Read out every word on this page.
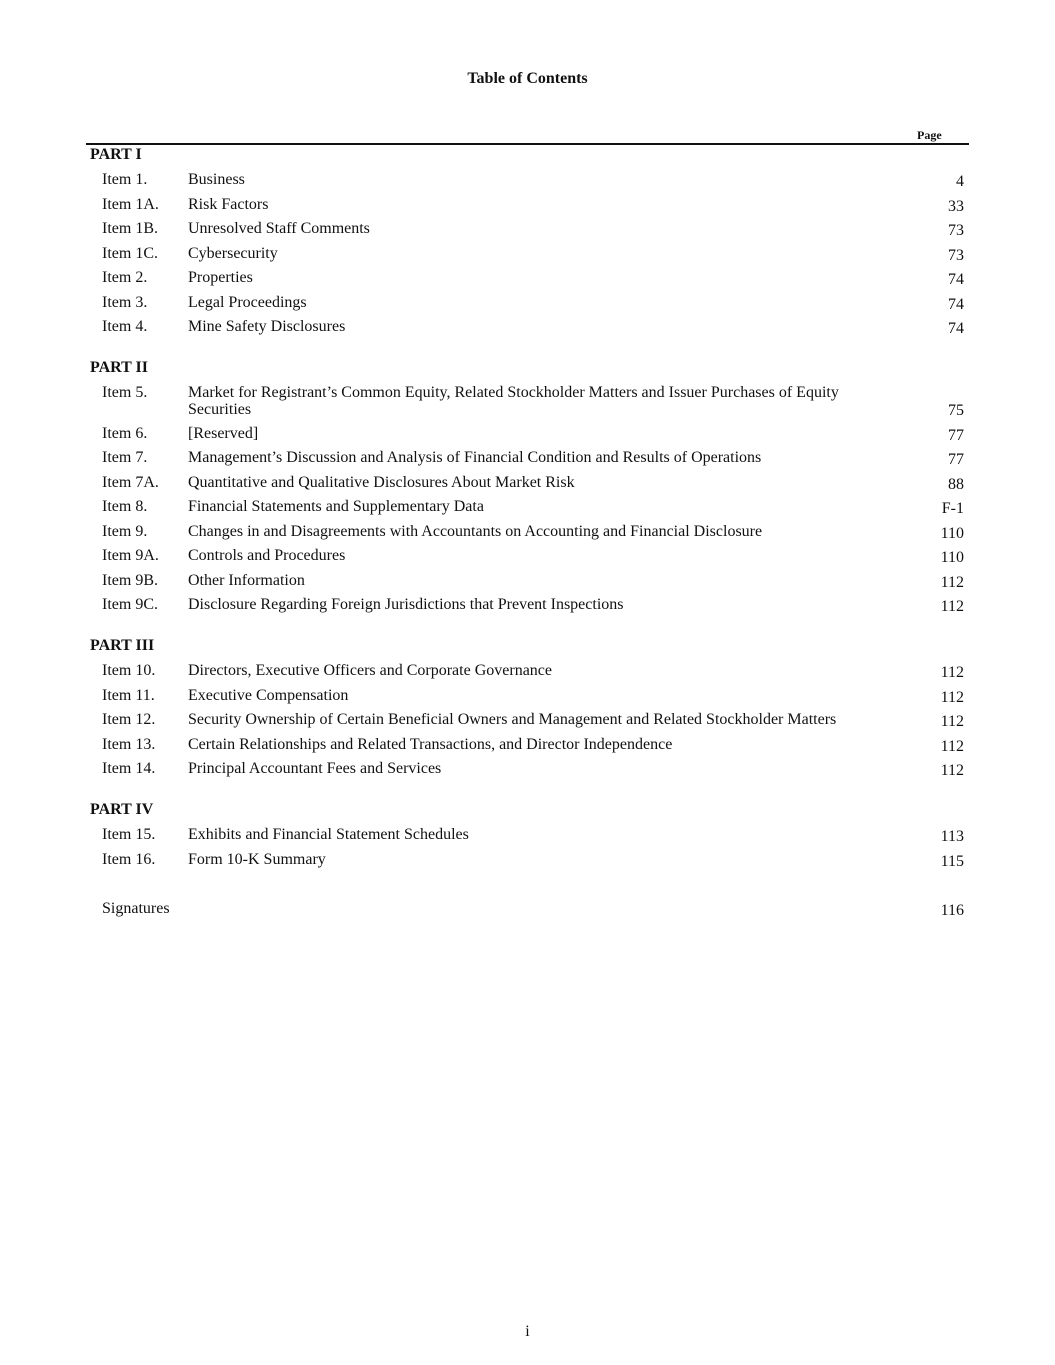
Table of Contents
Page
PART I
Item 1.	Business	4
Item 1A. Risk Factors	33
Item 1B. Unresolved Staff Comments	73
Item 1C. Cybersecurity	73
Item 2.	Properties	74
Item 3.	Legal Proceedings	74
Item 4.	Mine Safety Disclosures	74
PART II
Item 5.	Market for Registrant’s Common Equity, Related Stockholder Matters and Issuer Purchases of Equity Securities	75
Item 6.	[Reserved]	77
Item 7.	Management’s Discussion and Analysis of Financial Condition and Results of Operations	77
Item 7A. Quantitative and Qualitative Disclosures About Market Risk	88
Item 8.	Financial Statements and Supplementary Data	F-1
Item 9.	Changes in and Disagreements with Accountants on Accounting and Financial Disclosure	110
Item 9A. Controls and Procedures	110
Item 9B. Other Information	112
Item 9C. Disclosure Regarding Foreign Jurisdictions that Prevent Inspections	112
PART III
Item 10. Directors, Executive Officers and Corporate Governance	112
Item 11. Executive Compensation	112
Item 12. Security Ownership of Certain Beneficial Owners and Management and Related Stockholder Matters	112
Item 13. Certain Relationships and Related Transactions, and Director Independence	112
Item 14. Principal Accountant Fees and Services	112
PART IV
Item 15. Exhibits and Financial Statement Schedules	113
Item 16. Form 10-K Summary	115
Signatures	116
i
